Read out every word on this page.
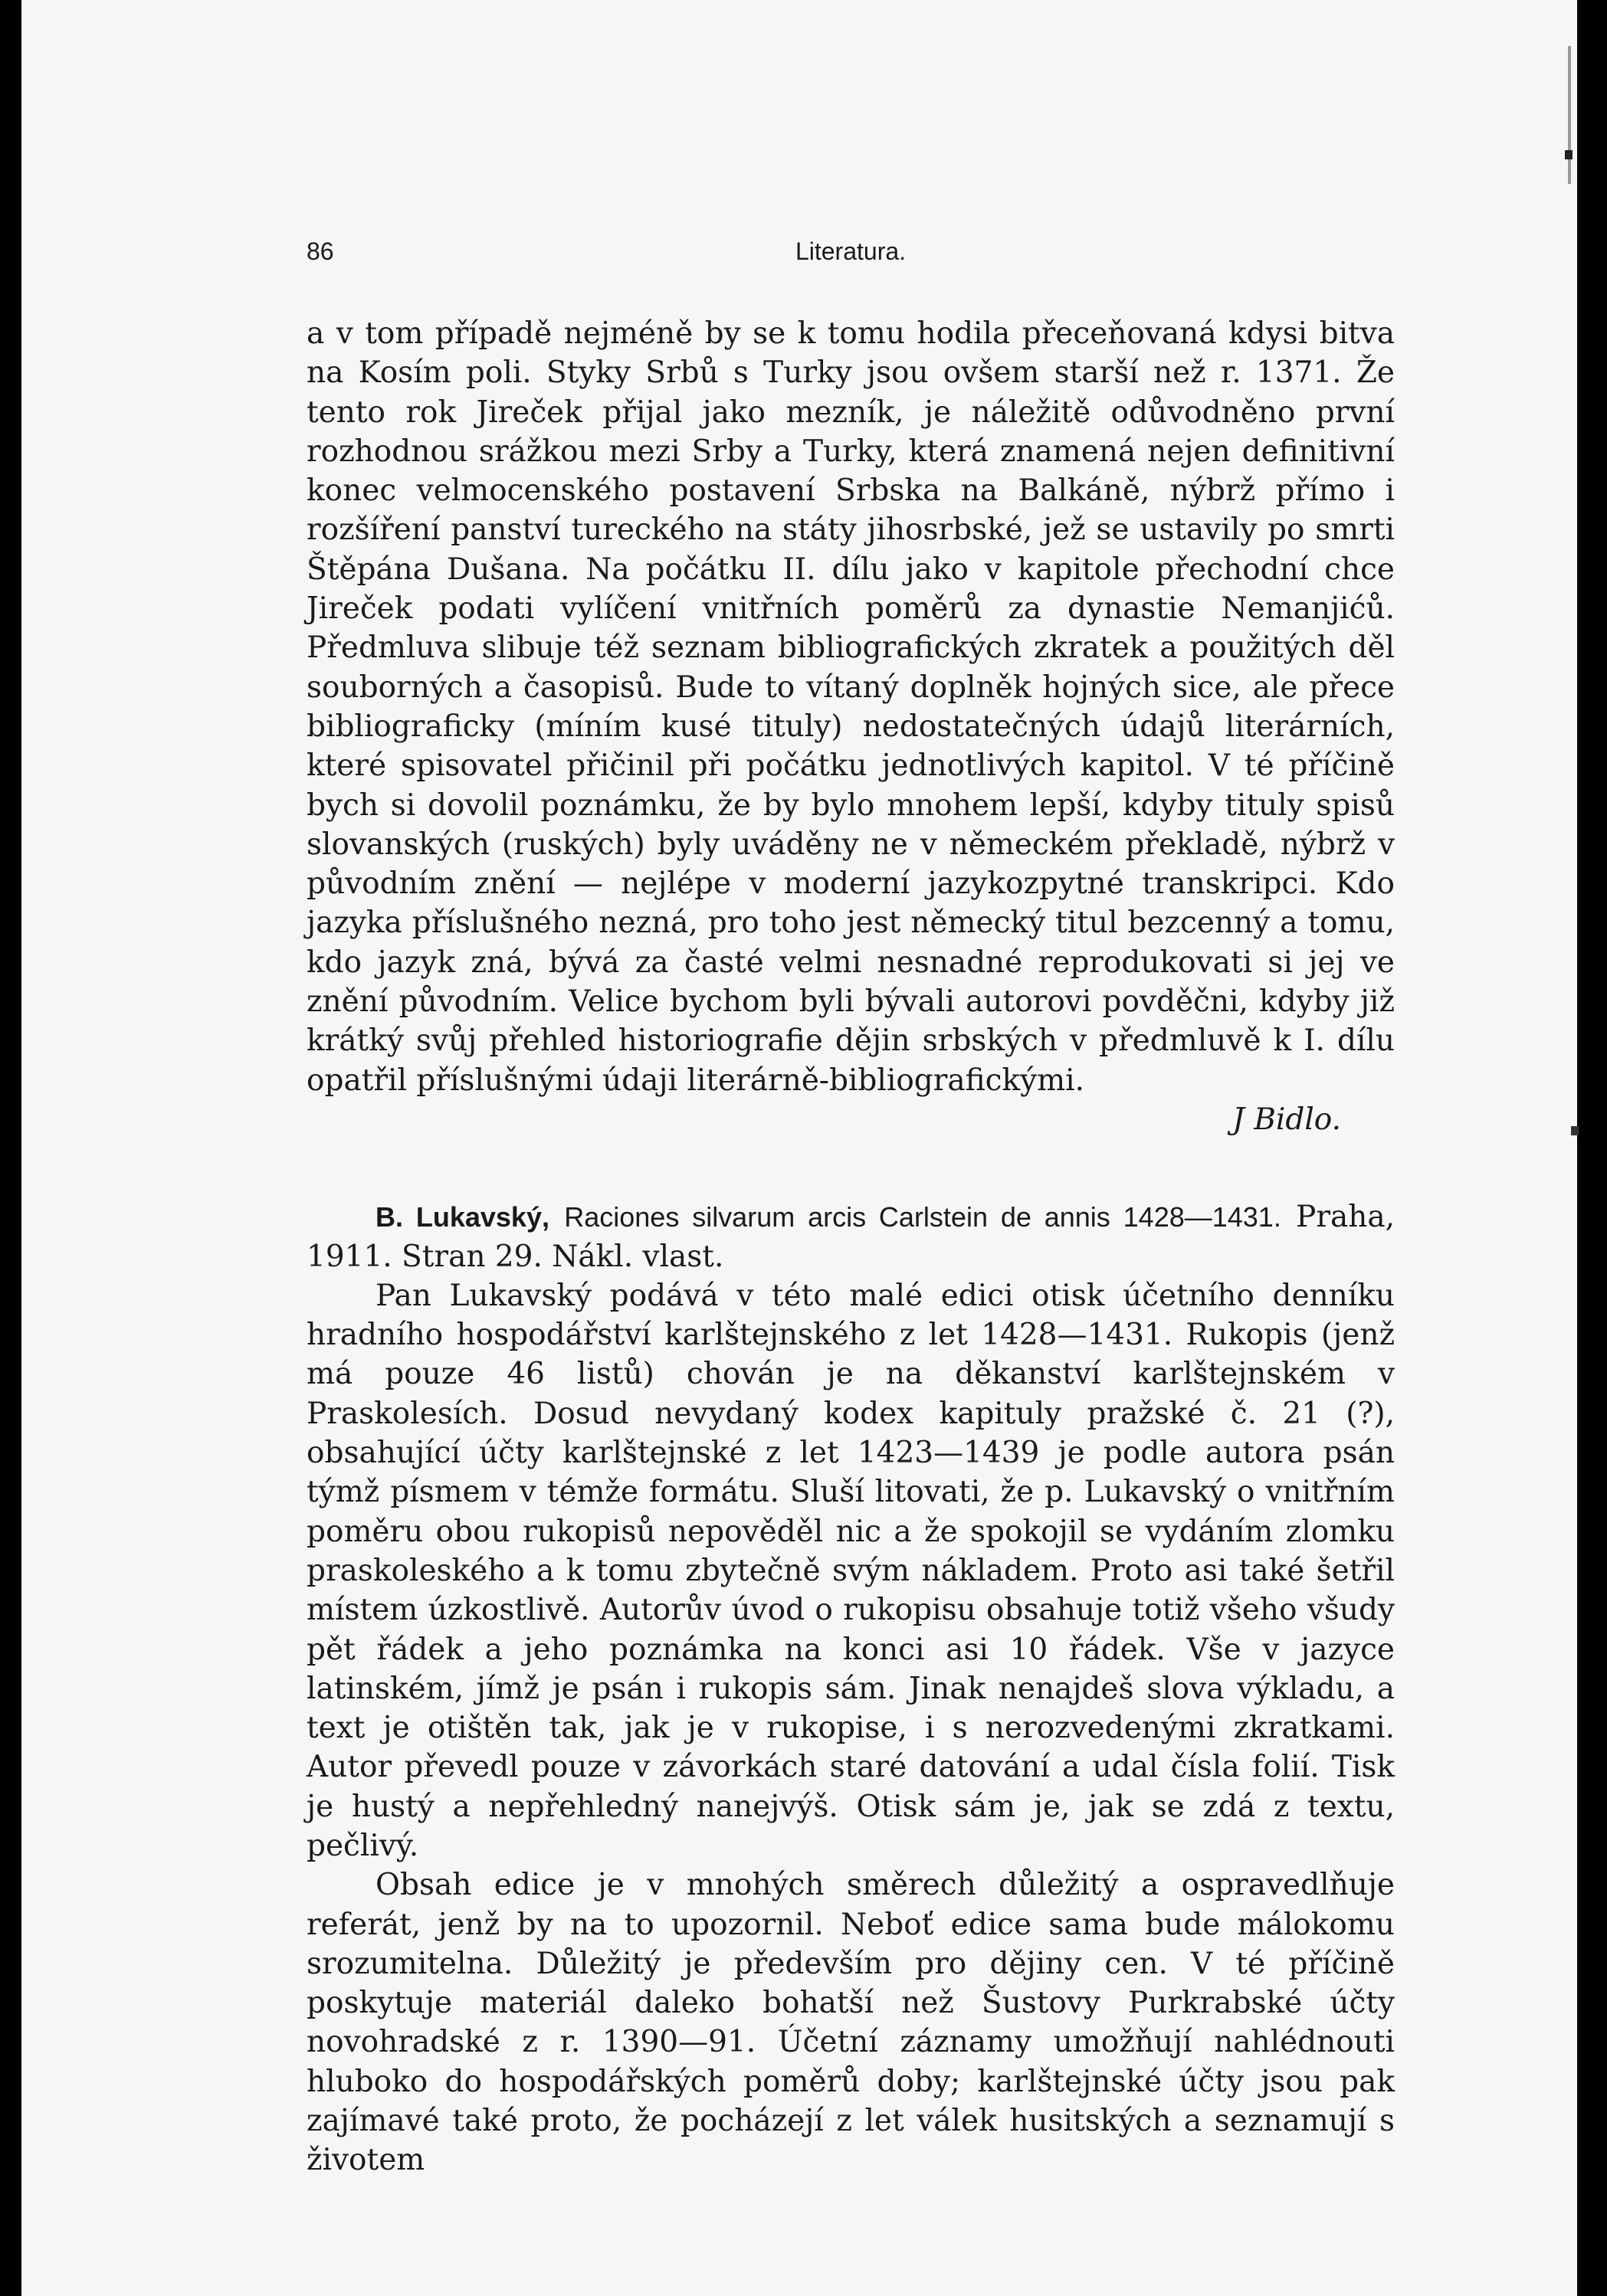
86	Literatura.

a v tom případě nejméně by se k tomu hodila přeceňovaná kdysi bitva na Kosím poli. Styky Srbů s Turky jsou ovšem starší než r. 1371. Že tento rok Jireček přijal jako mezník, je náležitě odůvodněno první rozhodnou srážkou mezi Srby a Turky, která znamená nejen definitivní konec velmocenského postavení Srbska na Balkáně, nýbrž přímo i rozšíření panství tureckého na státy jihosrbské, jež se ustavily po smrti Štěpána Dušana. Na počátku II. dílu jako v kapitole přechodní chce Jireček podati vylíčení vnitřních poměrů za dynastie Nemanjićů. Předmluva slibuje též seznam bibliografických zkratek a použitých děl souborných a časopisů. Bude to vítaný doplněk hojných sice, ale přece bibliograficky (míním kusé tituly) nedostatečných údajů literárních, které spisovatel přičinil při počátku jednotlivých kapitol. V té příčině bych si dovolil poznámku, že by bylo mnohem lepší, kdyby tituly spisů slovanských (ruských) byly uváděny ne v německém překladě, nýbrž v původním znění — nejlépe v moderní jazykozpytné transkripci. Kdo jazyka příslušného nezná, pro toho jest německý titul bezcenný a tomu, kdo jazyk zná, bývá za časté velmi nesnadné reprodukovati si jej ve znění původním. Velice bychom byli bývali autorovi povděčni, kdyby již krátký svůj přehled historiografie dějin srbských v předmluvě k I. dílu opatřil příslušnými údaji literárně-bibliografickými.

J Bidlo.

B. Lukavský, Raciones silvarum arcis Carlstein de annis 1428—1431. Praha, 1911. Stran 29. Nákl. vlast.

Pan Lukavský podává v této malé edici otisk účetního denníku hradního hospodářství karlštejnského z let 1428—1431. Rukopis (jenž má pouze 46 listů) chován je na děkanství karlštejnském v Praskolesích. Dosud nevydaný kodex kapituly pražské č. 21 (?), obsahující účty karlštejnské z let 1423—1439 je podle autora psán týmž písmem v témže formátu. Sluší litovati, že p. Lukavský o vnitřním poměru obou rukopisů nepověděl nic a že spokojil se vydáním zlomku praskoleského a k tomu zbytečně svým nákladem. Proto asi také šetřil místem úzkostlivě. Autorův úvod o rukopisu obsahuje totiž všeho všudy pět řádek a jeho poznámka na konci asi 10 řádek. Vše v jazyce latinském, jímž je psán i rukopis sám. Jinak nenajdeš slova výkladu, a text je otištěn tak, jak je v rukopise, i s nerozvedenými zkratkami. Autor převedl pouze v závorkách staré datování a udal čísla folií. Tisk je hustý a nepřehledný nanejvýš. Otisk sám je, jak se zdá z textu, pečlivý.

Obsah edice je v mnohých směrech důležitý a ospravedlňuje referát, jenž by na to upozornil. Neboť edice sama bude málokomu srozumitelna. Důležitý je především pro dějiny cen. V té příčině poskytuje materiál daleko bohatší než Šustovy Purkrabské účty novohradské z r. 1390—91. Účetní záznamy umožňují nahlédnouti hluboko do hospodářských poměrů doby; karlštejnské účty jsou pak zajímavé také proto, že pocházejí z let válek husitských a seznamují s životem
